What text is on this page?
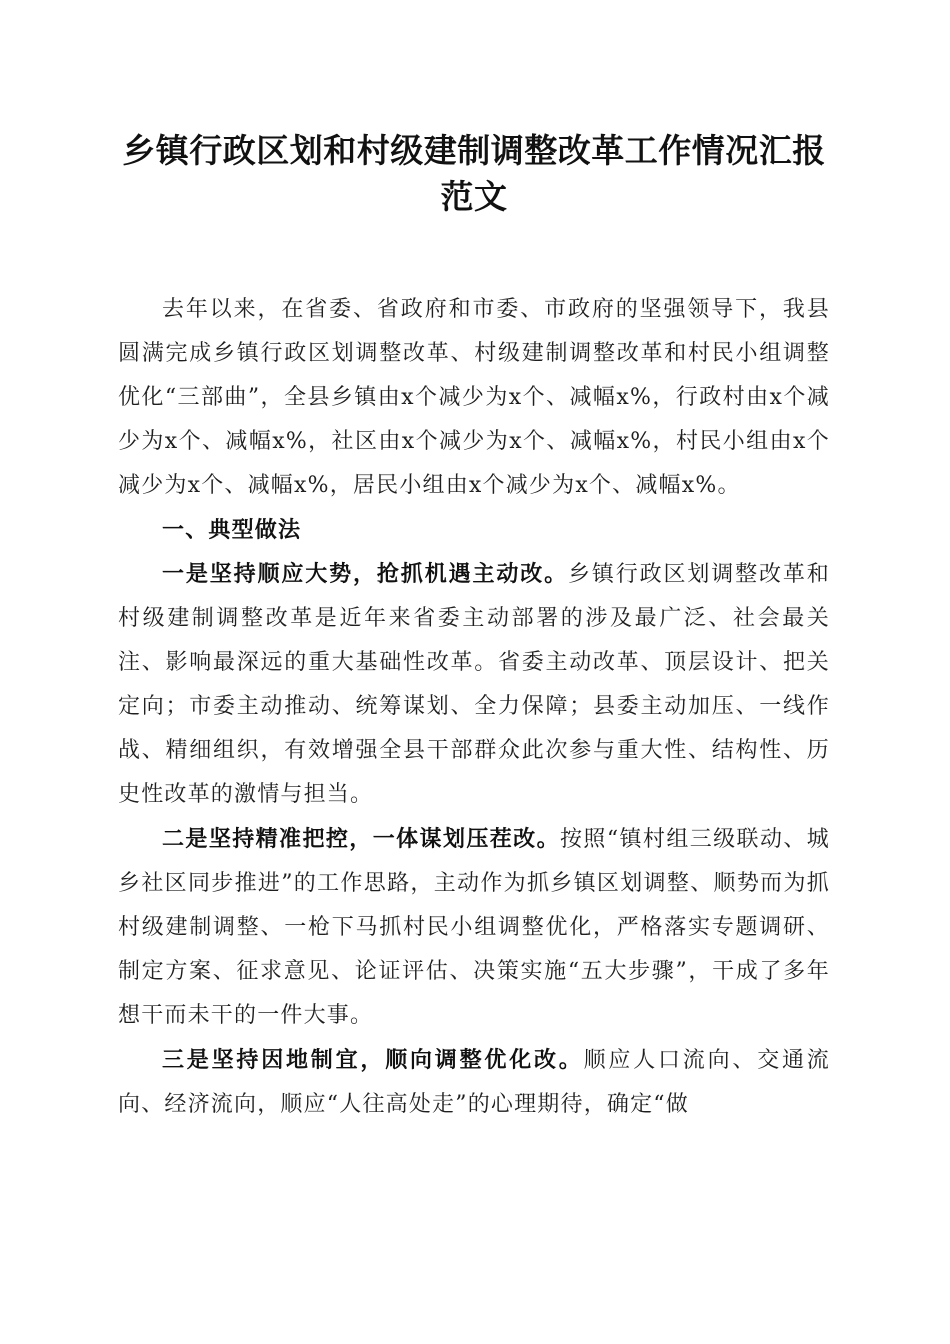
乡镇行政区划和村级建制调整改革工作情况汇报范文

去年以来，在省委、省政府和市委、市政府的坚强领导下，我县圆满完成乡镇行政区划调整改革、村级建制调整改革和村民小组调整优化“三部曲”，全县乡镇由x个减少为x个、减幅x%，行政村由x个减少为x个、减幅x%，社区由x个减少为x个、减幅x%，村民小组由x个减少为x个、减幅x%，居民小组由x个减少为x个、减幅x%。

一、典型做法

一是坚持顺应大势，抢抓机遇主动改。乡镇行政区划调整改革和村级建制调整改革是近年来省委主动部署的涉及最广泛、社会最关注、影响最深远的重大基础性改革。省委主动改革、顶层设计、把关定向；市委主动推动、统筹谋划、全力保障；县委主动加压、一线作战、精细组织，有效增强全县干部群众此次参与重大性、结构性、历史性改革的激情与担当。

二是坚持精准把控，一体谋划压茬改。按照“镇村组三级联动、城乡社区同步推进”的工作思路，主动作为抓乡镇区划调整、顺势而为抓村级建制调整、一枪下马抓村民小组调整优化，严格落实专题调研、制定方案、征求意见、论证评估、决策实施“五大步骤”，干成了多年想干而未干的一件大事。

三是坚持因地制宜，顺向调整优化改。顺应人口流向、交通流向、经济流向，顺应“人往高处走”的心理期待，确定“做
